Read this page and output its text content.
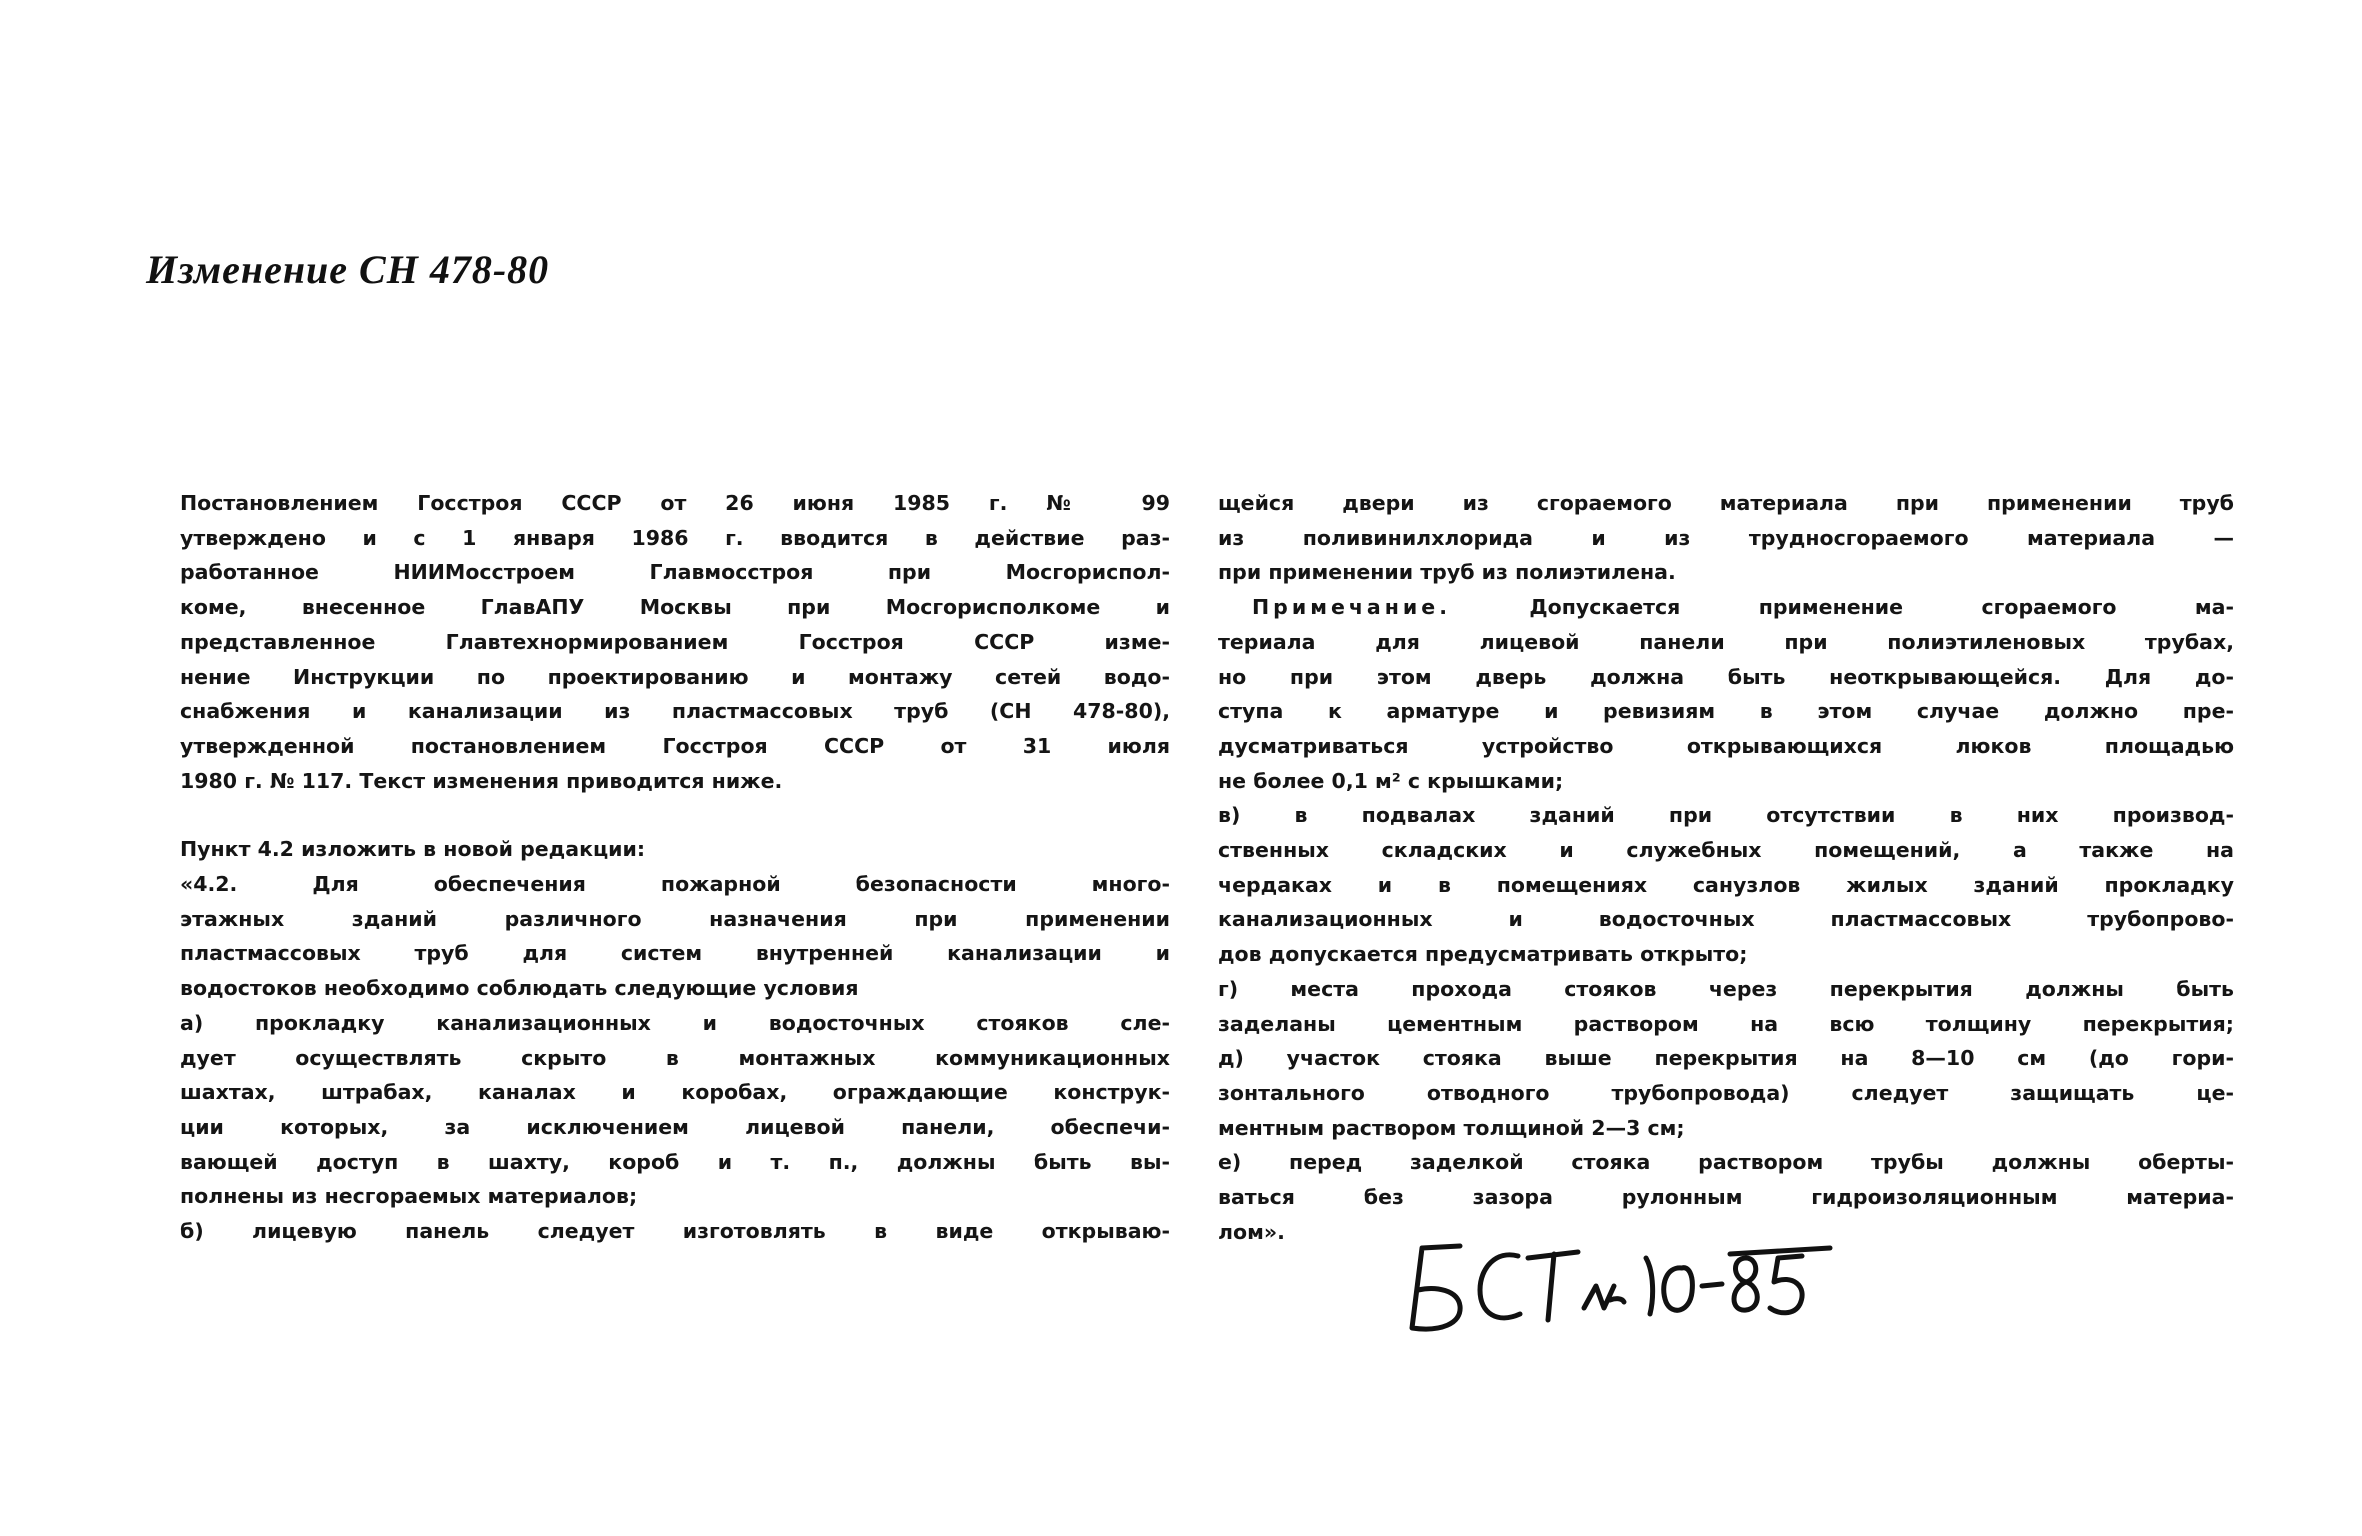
Изменение СН 478-80

Постановлением Госстроя СССР от 26 июня 1985 г. № 99

утверждено и с 1 января 1986 г. вводится в действие раз-

работанное НИИМосстроем Главмосстроя при Мосгориспол-

коме, внесенное ГлавАПУ Москвы при Мосгорисполкоме и

представленное Главтехнормированием Госстроя СССР изме-

нение Инструкции по проектированию и монтажу сетей водо-

снабжения и канализации из пластмассовых труб (СН 478-80),

утвержденной постановлением Госстроя СССР от 31 июля

1980 г. № 117. Текст изменения приводится ниже.

Пункт 4.2 изложить в новой редакции:

«4.2. Для обеспечения пожарной безопасности много-

этажных зданий различного назначения при применении

пластмассовых труб для систем внутренней канализации и

водостоков необходимо соблюдать следующие условия

а) прокладку канализационных и водосточных стояков сле-

дует осуществлять скрыто в монтажных коммуникационных

шахтах, штрабах, каналах и коробах, ограждающие конструк-

ции которых, за исключением лицевой панели, обеспечи-

вающей доступ в шахту, короб и т. п., должны быть вы-

полнены из несгораемых материалов;

б) лицевую панель следует изготовлять в виде открываю-

щейся двери из сгораемого материала при применении труб

из поливинилхлорида и из трудносгораемого материала —

при применении труб из полиэтилена.

Примечание.	Допускается применение сгораемого ма-

териала для лицевой панели при полиэтиленовых трубах,

но при этом дверь должна быть неоткрывающейся. Для до-

ступа к арматуре и ревизиям в этом случае должно пре-

дусматриваться устройство открывающихся люков площадью

не более 0,1 м² с крышками;

в) в подвалах зданий при отсутствии в них производ-

ственных складских и служебных помещений, а также на

чердаках и в помещениях санузлов жилых зданий прокладку

канализационных и водосточных пластмассовых трубопрово-

дов допускается предусматривать открыто;

г) места прохода стояков через перекрытия должны быть

заделаны цементным раствором на всю толщину перекрытия;

д) участок стояка выше перекрытия на 8—10 см (до гори-

зонтального отводного трубопровода) следует защищать це-

ментным раствором толщиной 2—3 см;

е) перед заделкой стояка раствором трубы должны оберты-

ваться без зазора рулонным гидроизоляционным материа-

лом».
